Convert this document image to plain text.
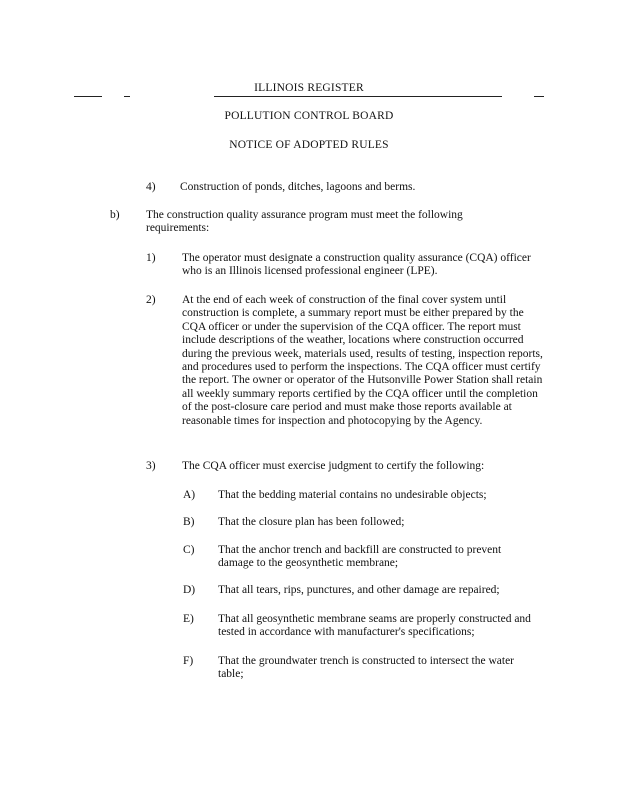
ILLINOIS REGISTER
POLLUTION CONTROL BOARD
NOTICE OF ADOPTED RULES
4) Construction of ponds, ditches, lagoons and berms.
b) The construction quality assurance program must meet the following requirements:
1) The operator must designate a construction quality assurance (CQA) officer who is an Illinois licensed professional engineer (LPE).
2) At the end of each week of construction of the final cover system until construction is complete, a summary report must be either prepared by the CQA officer or under the supervision of the CQA officer. The report must include descriptions of the weather, locations where construction occurred during the previous week, materials used, results of testing, inspection reports, and procedures used to perform the inspections. The CQA officer must certify the report. The owner or operator of the Hutsonville Power Station shall retain all weekly summary reports certified by the CQA officer until the completion of the post-closure care period and must make those reports available at reasonable times for inspection and photocopying by the Agency.
3) The CQA officer must exercise judgment to certify the following:
A) That the bedding material contains no undesirable objects;
B) That the closure plan has been followed;
C) That the anchor trench and backfill are constructed to prevent damage to the geosynthetic membrane;
D) That all tears, rips, punctures, and other damage are repaired;
E) That all geosynthetic membrane seams are properly constructed and tested in accordance with manufacturer's specifications;
F) That the groundwater trench is constructed to intersect the water table;
